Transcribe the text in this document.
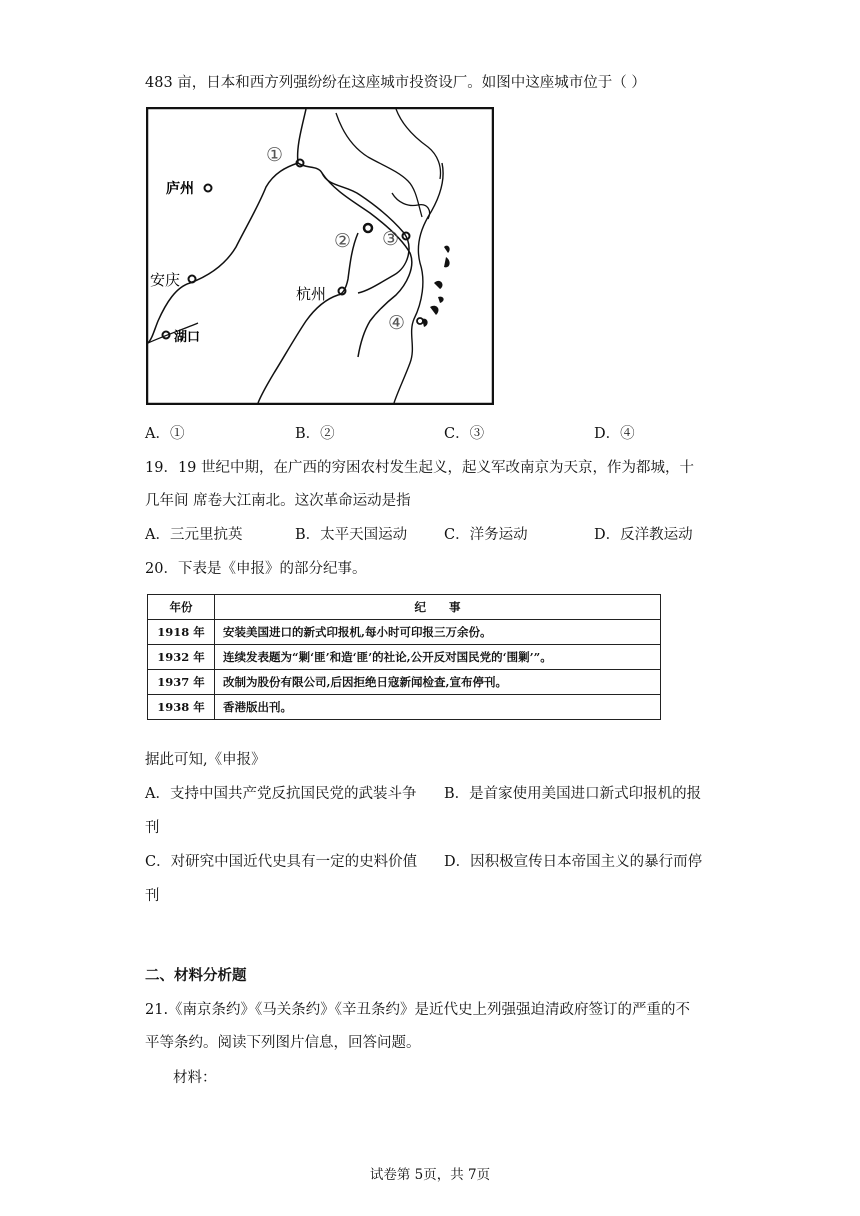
483 亩，日本和西方列强纷纷在这座城市投资设厂。如图中这座城市位于（ ）
庐州
安庆
湖口
杭州
①
② ③
④
A．①	B．②	C．③	D．④
19．19 世纪中期，在广西的穷困农村发生起义，起义军改南京为天京，作为都城，十
几年间 席卷大江南北。这次革命运动是指
A．三元里抗英	B．太平天国运动	C．洋务运动	D．反洋教运动
20．下表是《申报》的部分纪事。
年份	纪　　事
1918 年	安装美国进口的新式印报机,每小时可印报三万余份。
1932 年	连续发表题为“剿‘匪’和造‘匪’的社论,公开反对国民党的‘围剿’”。
1937 年	改制为股份有限公司,后因拒绝日寇新闻检查,宣布停刊。
1938 年	香港版出刊。
据此可知,《申报》
A．支持中国共产党反抗国民党的武装斗争 B．是首家使用美国进口新式印报机的报
刊
C．对研究中国近代史具有一定的史料价值 D．因积极宣传日本帝国主义的暴行而停
刊
二、材料分析题
21.《南京条约》《马关条约》《辛丑条约》是近代史上列强强迫清政府签订的严重的不
平等条约。阅读下列图片信息，回答问题。
材料：
试卷第 5页，共 7页
